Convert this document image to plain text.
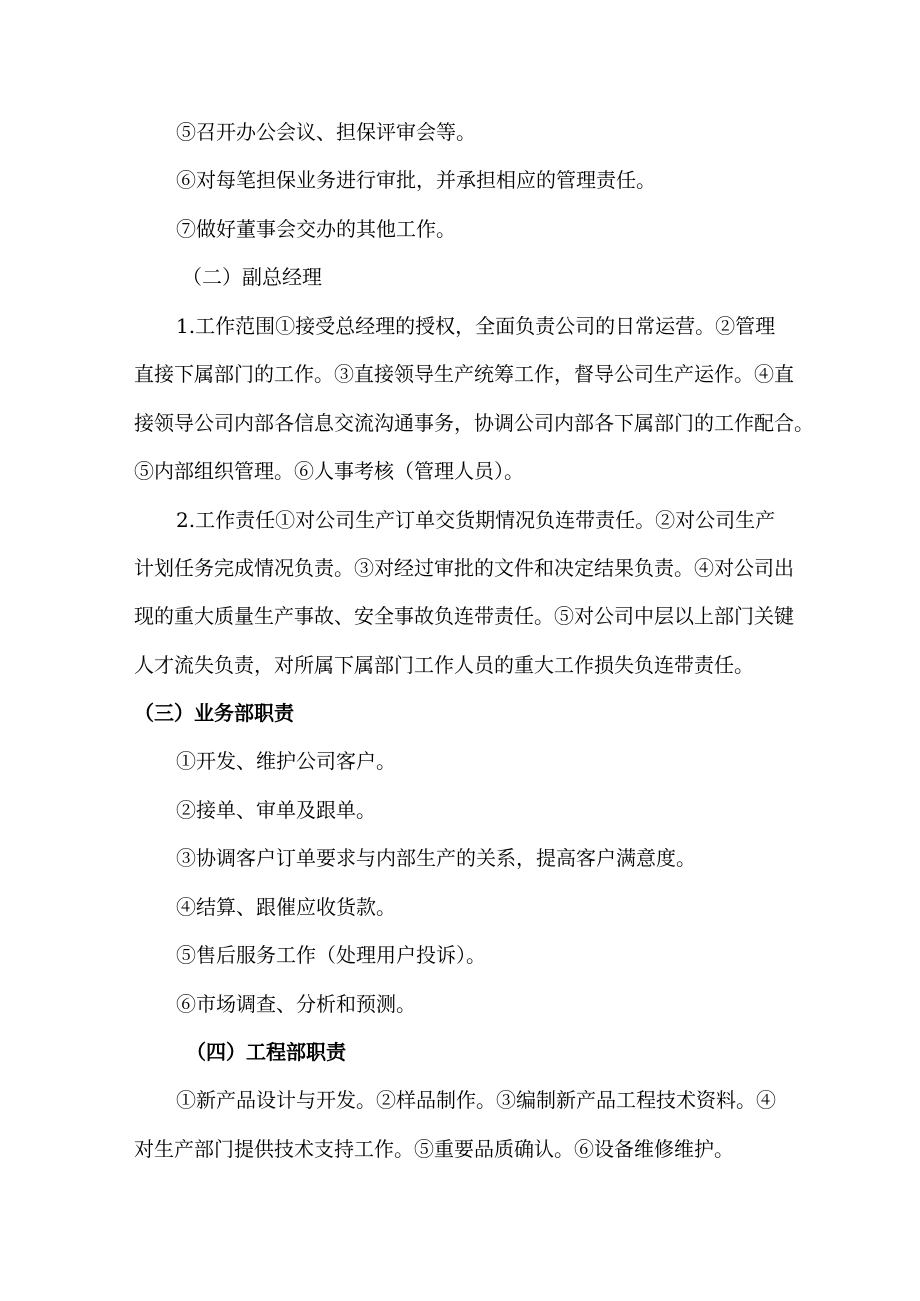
⑤召开办公会议、担保评审会等。
⑥对每笔担保业务进行审批，并承担相应的管理责任。
⑦做好董事会交办的其他工作。
（二）副总经理
1.工作范围①接受总经理的授权，全面负责公司的日常运营。②管理
直接下属部门的工作。③直接领导生产统筹工作，督导公司生产运作。④直
接领导公司内部各信息交流沟通事务，协调公司内部各下属部门的工作配合。
⑤内部组织管理。⑥人事考核（管理人员）。
2.工作责任①对公司生产订单交货期情况负连带责任。②对公司生产
计划任务完成情况负责。③对经过审批的文件和决定结果负责。④对公司出
现的重大质量生产事故、安全事故负连带责任。⑤对公司中层以上部门关键
人才流失负责，对所属下属部门工作人员的重大工作损失负连带责任。
（三）业务部职责
①开发、维护公司客户。
②接单、审单及跟单。
③协调客户订单要求与内部生产的关系，提高客户满意度。
④结算、跟催应收货款。
⑤售后服务工作（处理用户投诉）。
⑥市场调查、分析和预测。
（四）工程部职责
①新产品设计与开发。②样品制作。③编制新产品工程技术资料。④
对生产部门提供技术支持工作。⑤重要品质确认。⑥设备维修维护。
